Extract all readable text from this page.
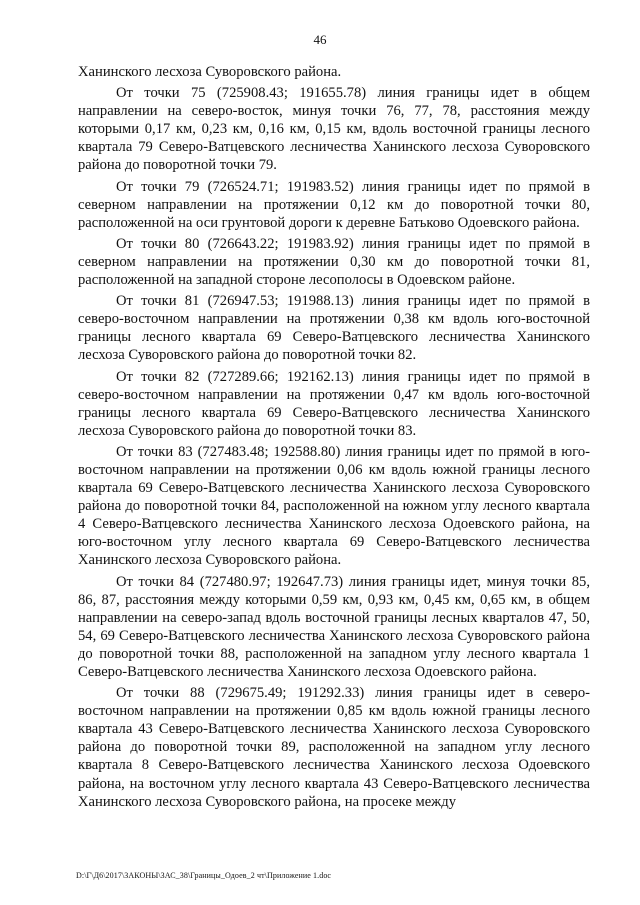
46

Ханинского лесхоза Суворовского района.

От точки 75 (725908.43; 191655.78) линия границы идет в общем направлении на северо-восток, минуя точки 76, 77, 78, расстояния между которыми 0,17 км, 0,23 км, 0,16 км, 0,15 км, вдоль восточной границы лесного квартала 79 Северо-Ватцевского лесничества Ханинского лесхоза Суворовского района до поворотной точки 79.

От точки 79 (726524.71; 191983.52) линия границы идет по прямой в северном направлении на протяжении 0,12 км до поворотной точки 80, расположенной на оси грунтовой дороги к деревне Батьково Одоевского района.

От точки 80 (726643.22; 191983.92) линия границы идет по прямой в северном направлении на протяжении 0,30 км до поворотной точки 81, расположенной на западной стороне лесополосы в Одоевском районе.

От точки 81 (726947.53; 191988.13) линия границы идет по прямой в северо-восточном направлении на протяжении 0,38 км вдоль юго-восточной границы лесного квартала 69 Северо-Ватцевского лесничества Ханинского лесхоза Суворовского района до поворотной точки 82.

От точки 82 (727289.66; 192162.13) линия границы идет по прямой в северо-восточном направлении на протяжении 0,47 км вдоль юго-восточной границы лесного квартала 69 Северо-Ватцевского лесничества Ханинского лесхоза Суворовского района до поворотной точки 83.

От точки 83 (727483.48; 192588.80) линия границы идет по прямой в юго-восточном направлении на протяжении 0,06 км вдоль южной границы лесного квартала 69 Северо-Ватцевского лесничества Ханинского лесхоза Суворовского района до поворотной точки 84, расположенной на южном углу лесного квартала 4 Северо-Ватцевского лесничества Ханинского лесхоза Одоевского района, на юго-восточном углу лесного квартала 69 Северо-Ватцевского лесничества Ханинского лесхоза Суворовского района.

От точки 84 (727480.97; 192647.73) линия границы идет, минуя точки 85, 86, 87, расстояния между которыми 0,59 км, 0,93 км, 0,45 км, 0,65 км, в общем направлении на северо-запад вдоль восточной границы лесных кварталов 47, 50, 54, 69 Северо-Ватцевского лесничества Ханинского лесхоза Суворовского района до поворотной точки 88, расположенной на западном углу лесного квартала 1 Северо-Ватцевского лесничества Ханинского лесхоза Одоевского района.

От точки 88 (729675.49; 191292.33) линия границы идет в северо-восточном направлении на протяжении 0,85 км вдоль южной границы лесного квартала 43 Северо-Ватцевского лесничества Ханинского лесхоза Суворовского района до поворотной точки 89, расположенной на западном углу лесного квартала 8 Северо-Ватцевского лесничества Ханинского лесхоза Одоевского района, на восточном углу лесного квартала 43 Северо-Ватцевского лесничества Ханинского лесхоза Суворовского района, на просеке между

D:\Г\Д6\2017\ЗАКОНЫ\ЗАС_38\Границы_Одоев_2 чт\Приложение 1.doc
